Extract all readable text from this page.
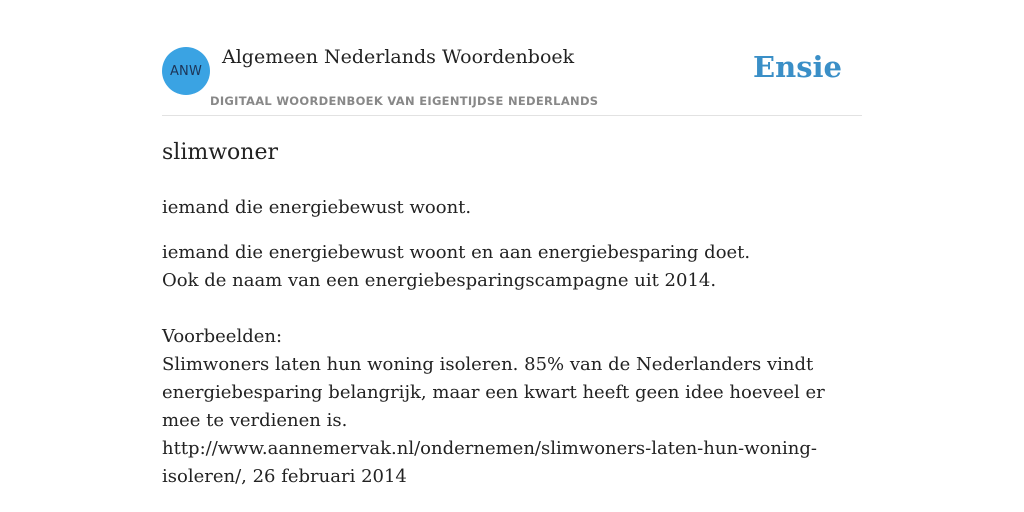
ANW
Algemeen Nederlands Woordenboek
DIGITAAL WOORDENBOEK VAN EIGENTIJDSE NEDERLANDS
Ensie
slimwoner
iemand die energiebewust woont.

iemand die energiebewust woont en aan energiebesparing doet.

Ook de naam van een energiebesparingscampagne uit 2014.

Voorbeelden:

Slimwoners laten hun woning isoleren. 85% van de Nederlanders vindt energiebesparing belangrijk, maar een kwart heeft geen idee hoeveel er mee te verdienen is.

http://www.aannemervak.nl/ondernemen/slimwoners-laten-hun-woning-isoleren/, 26 februari 2014
